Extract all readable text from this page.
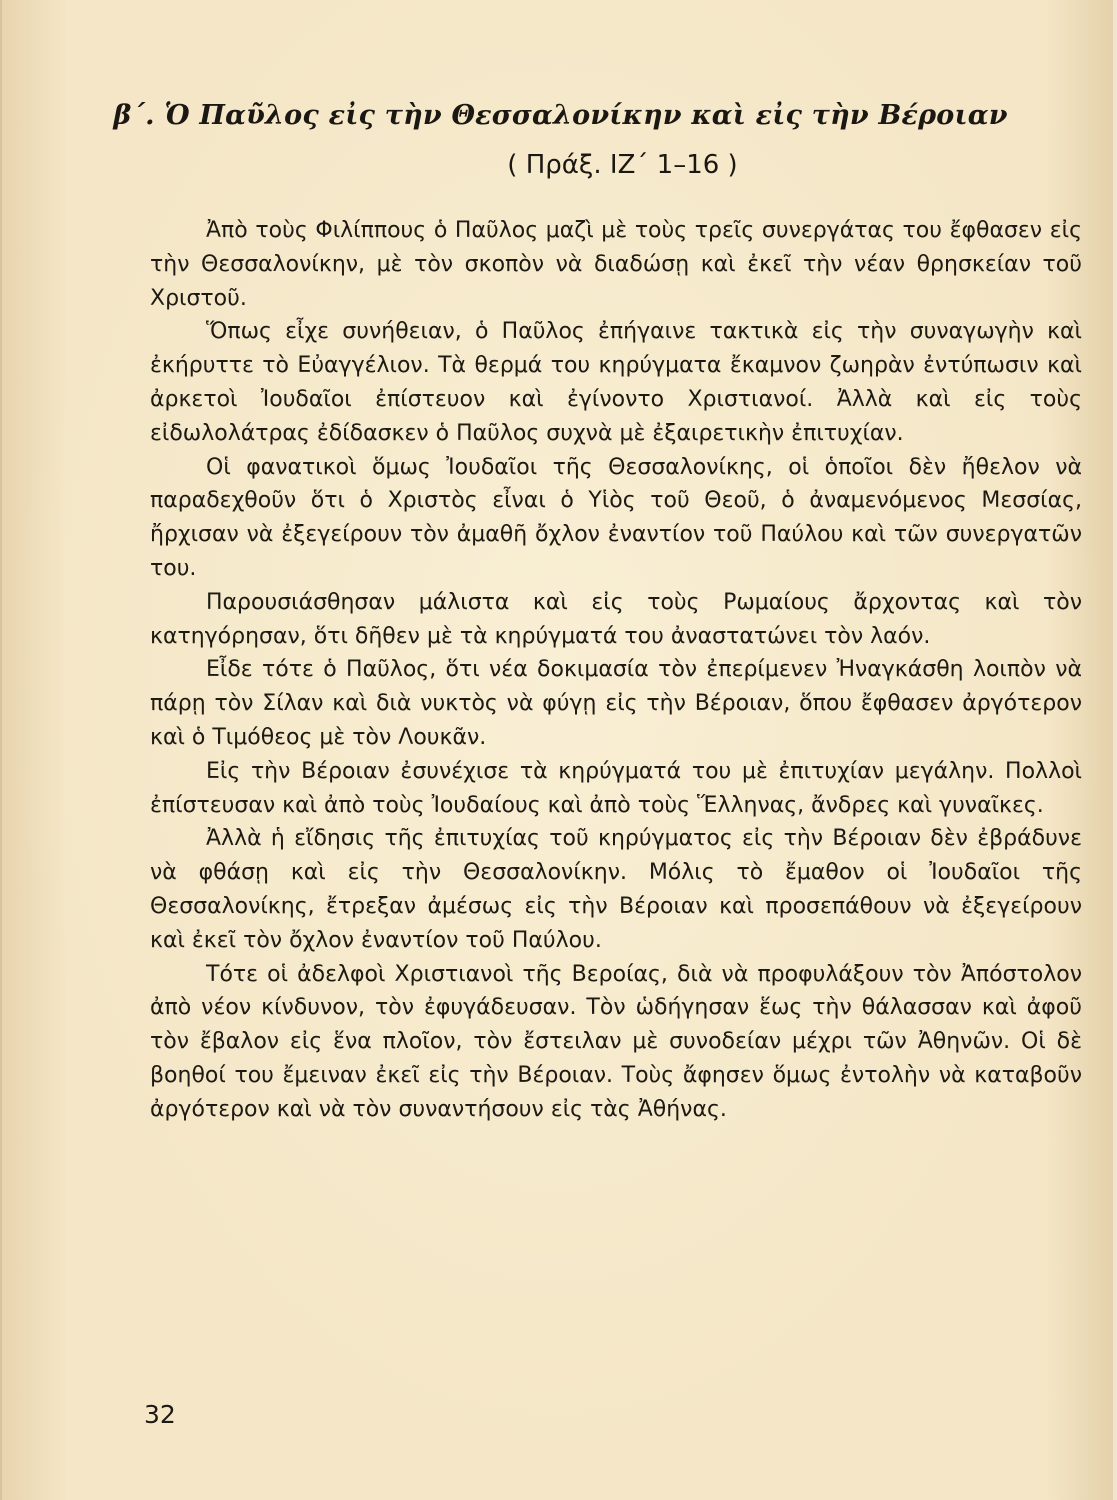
β΄. Ὁ Παῦλος εἰς τὴν Θεσσαλονίκην καὶ εἰς τὴν Βέροιαν
( Πράξ. ΙΖ΄ 1–16 )

Ἀπὸ τοὺς Φιλίππους ὁ Παῦλος μαζὶ μὲ τοὺς τρεῖς συνεργάτας του ἔφθασεν εἰς τὴν Θεσσαλονίκην, μὲ τὸν σκοπὸν νὰ διαδώσῃ καὶ ἐκεῖ τὴν νέαν θρησκείαν τοῦ Χριστοῦ.

Ὅπως εἶχε συνήθειαν, ὁ Παῦλος ἐπήγαινε τακτικὰ εἰς τὴν συναγωγὴν καὶ ἐκήρυττε τὸ Εὐαγγέλιον. Τὰ θερμά του κηρύγματα ἔκαμνον ζωηρὰν ἐντύπωσιν καὶ ἀρκετοὶ Ἰουδαῖοι ἐπίστευον καὶ ἐγίνοντο Χριστιανοί. Ἀλλὰ καὶ εἰς τοὺς εἰδωλολάτρας ἐδίδασκεν ὁ Παῦλος συχνὰ μὲ ἐξαιρετικὴν ἐπιτυχίαν.

Οἱ φανατικοὶ ὅμως Ἰουδαῖοι τῆς Θεσσαλονίκης, οἱ ὁποῖοι δὲν ἤθελον νὰ παραδεχθοῦν ὅτι ὁ Χριστὸς εἶναι ὁ Υἱὸς τοῦ Θεοῦ, ὁ ἀναμενόμενος Μεσσίας, ἤρχισαν νὰ ἐξεγείρουν τὸν ἀμαθῆ ὄχλον ἐναντίον τοῦ Παύλου καὶ τῶν συνεργατῶν του.

Παρουσιάσθησαν μάλιστα καὶ εἰς τοὺς Ρωμαίους ἄρχοντας καὶ τὸν κατηγόρησαν, ὅτι δῆθεν μὲ τὰ κηρύγματά του ἀναστατώνει τὸν λαόν.

Εἶδε τότε ὁ Παῦλος, ὅτι νέα δοκιμασία τὸν ἐπερίμενεν Ἠναγκάσθη λοιπὸν νὰ πάρῃ τὸν Σίλαν καὶ διὰ νυκτὸς νὰ φύγῃ εἰς τὴν Βέροιαν, ὅπου ἔφθασεν ἀργότερον καὶ ὁ Τιμόθεος μὲ τὸν Λουκᾶν.

Εἰς τὴν Βέροιαν ἐσυνέχισε τὰ κηρύγματά του μὲ ἐπιτυχίαν μεγάλην. Πολλοὶ ἐπίστευσαν καὶ ἀπὸ τοὺς Ἰουδαίους καὶ ἀπὸ τοὺς Ἕλληνας, ἄνδρες καὶ γυναῖκες.

Ἀλλὰ ἡ εἴδησις τῆς ἐπιτυχίας τοῦ κηρύγματος εἰς τὴν Βέροιαν δὲν ἐβράδυνε νὰ φθάσῃ καὶ εἰς τὴν Θεσσαλονίκην. Μόλις τὸ ἔμαθον οἱ Ἰουδαῖοι τῆς Θεσσαλονίκης, ἔτρεξαν ἀμέσως εἰς τὴν Βέροιαν καὶ προσεπάθουν νὰ ἐξεγείρουν καὶ ἐκεῖ τὸν ὄχλον ἐναντίον τοῦ Παύλου.

Τότε οἱ ἀδελφοὶ Χριστιανοὶ τῆς Βεροίας, διὰ νὰ προφυλάξουν τὸν Ἀπόστολον ἀπὸ νέον κίνδυνον, τὸν ἐφυγάδευσαν. Τὸν ὡδήγησαν ἕως τὴν θάλασσαν καὶ ἀφοῦ τὸν ἔβαλον εἰς ἕνα πλοῖον, τὸν ἔστειλαν μὲ συνοδείαν μέχρι τῶν Ἀθηνῶν. Οἱ δὲ βοηθοί του ἔμειναν ἐκεῖ εἰς τὴν Βέροιαν. Τοὺς ἄφησεν ὅμως ἐντολὴν νὰ καταβοῦν ἀργότερον καὶ νὰ τὸν συναντήσουν εἰς τὰς Ἀθήνας.

32
